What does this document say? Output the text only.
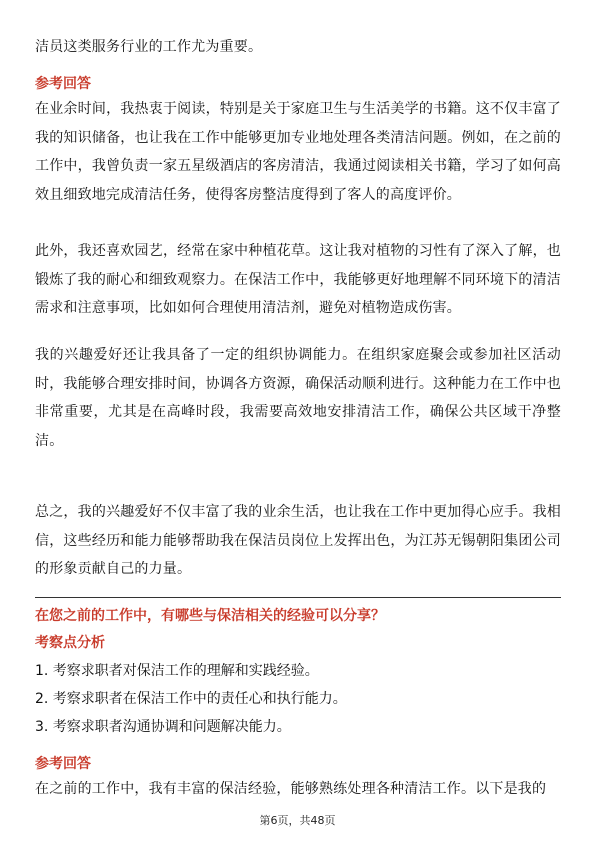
洁员这类服务行业的工作尤为重要。
参考回答
在业余时间，我热衷于阅读，特别是关于家庭卫生与生活美学的书籍。这不仅丰富了我的知识储备，也让我在工作中能够更加专业地处理各类清洁问题。例如，在之前的工作中，我曾负责一家五星级酒店的客房清洁，我通过阅读相关书籍，学习了如何高效且细致地完成清洁任务，使得客房整洁度得到了客人的高度评价。
此外，我还喜欢园艺，经常在家中种植花草。这让我对植物的习性有了深入了解，也锻炼了我的耐心和细致观察力。在保洁工作中，我能够更好地理解不同环境下的清洁需求和注意事项，比如如何合理使用清洁剂，避免对植物造成伤害。
我的兴趣爱好还让我具备了一定的组织协调能力。在组织家庭聚会或参加社区活动时，我能够合理安排时间，协调各方资源，确保活动顺利进行。这种能力在工作中也非常重要，尤其是在高峰时段，我需要高效地安排清洁工作，确保公共区域干净整洁。
总之，我的兴趣爱好不仅丰富了我的业余生活，也让我在工作中更加得心应手。我相信，这些经历和能力能够帮助我在保洁员岗位上发挥出色，为江苏无锡朝阳集团公司的形象贡献自己的力量。
在您之前的工作中，有哪些与保洁相关的经验可以分享？
考察点分析
1. 考察求职者对保洁工作的理解和实践经验。
2. 考察求职者在保洁工作中的责任心和执行能力。
3. 考察求职者沟通协调和问题解决能力。
参考回答
在之前的工作中，我有丰富的保洁经验，能够熟练处理各种清洁工作。以下是我的
第6页，共48页
